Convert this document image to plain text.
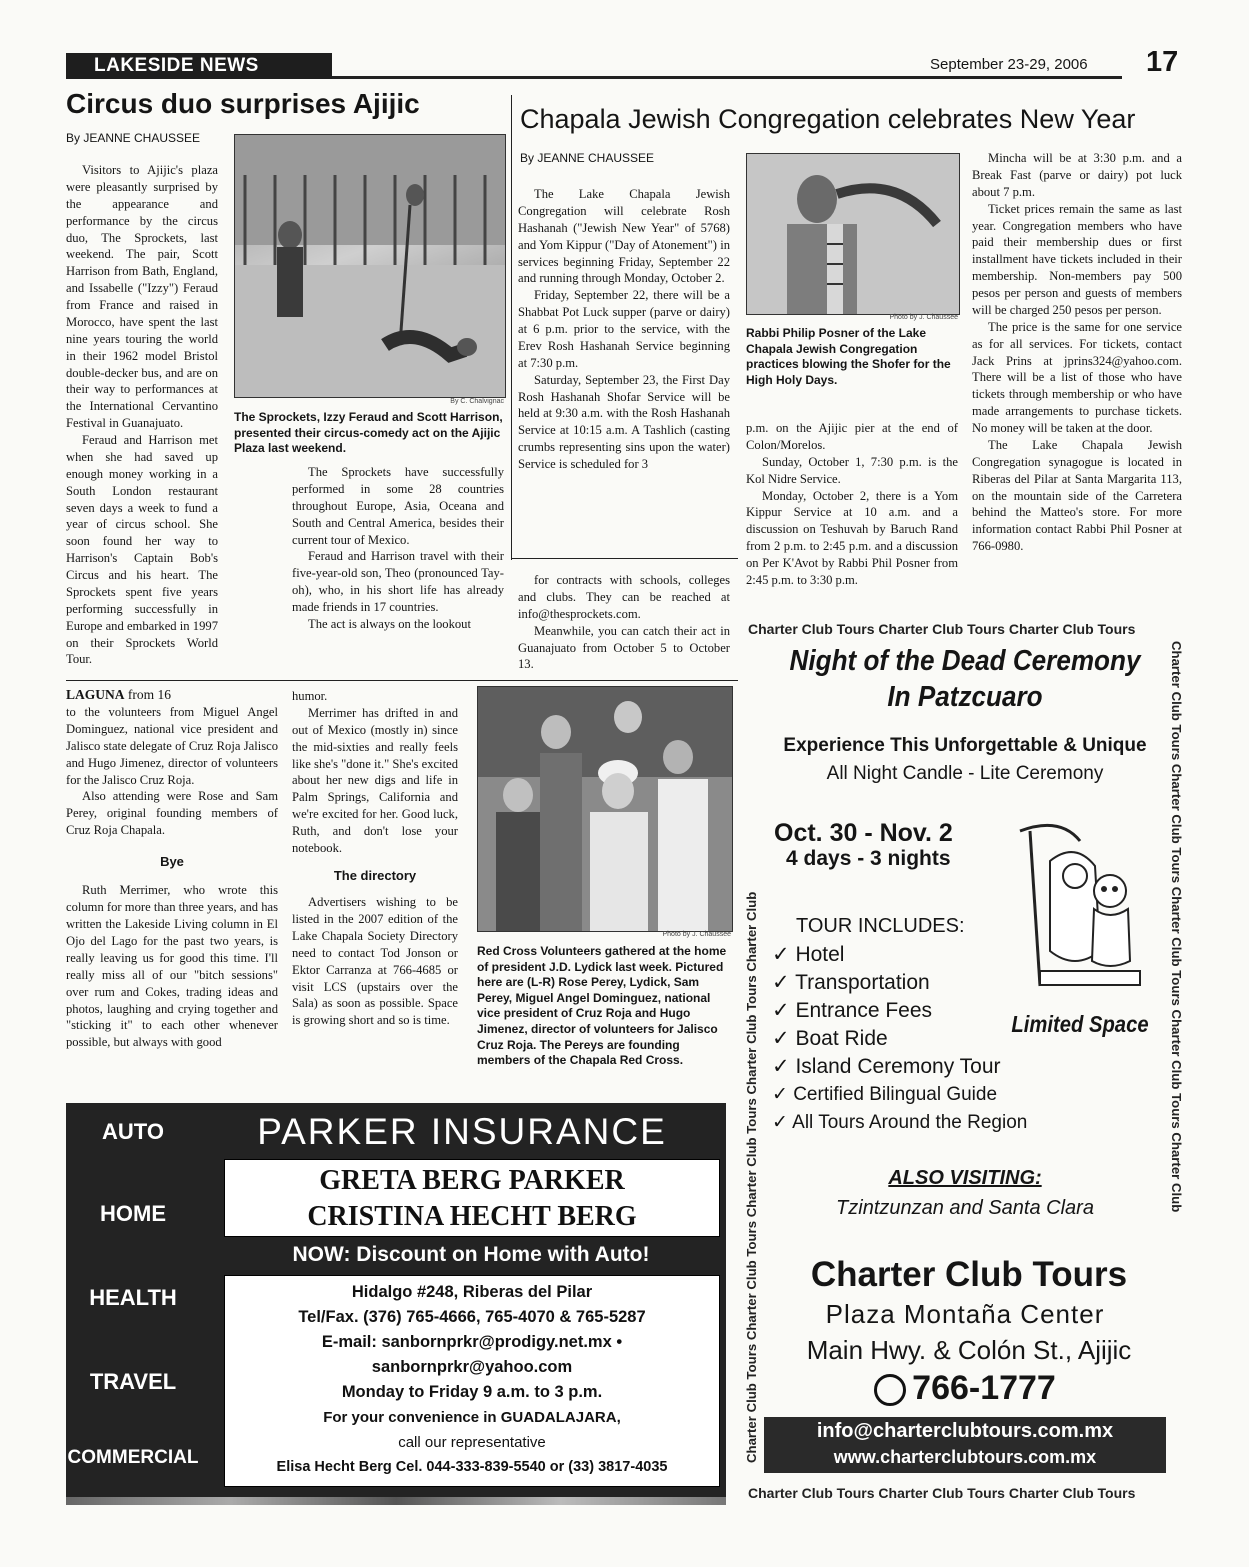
LAKESIDE NEWS	September 23-29, 2006 17
Circus duo surprises Ajijic
By JEANNE CHAUSSEE
By C. Chalvignac
The Sprockets, Izzy Feraud and Scott Harrison, presented their circus-comedy act on the Ajijic Plaza last weekend.

Visitors to Ajijic's plaza were pleasantly surprised by the appearance and performance by the circus duo, The Sprockets, last weekend. The pair, Scott Harrison from Bath, England, and Issabelle ("Izzy") Feraud from France and raised in Morocco, have spent the last nine years touring the world in their 1962 model Bristol double-decker bus, and are on their way to performances at the International Cervantino Festival in Guanajuato.

Feraud and Harrison met when she had saved up enough money working in a South London restaurant seven days a week to fund a year of circus school. She soon found her way to Harrison's Captain Bob's Circus and his heart. The Sprockets spent five years performing successfully in Europe and embarked in 1997 on their Sprockets World Tour.

The Sprockets have successfully performed in some 28 countries throughout Europe, Asia, Oceana and South and Central America, besides their current tour of Mexico.

Feraud and Harrison travel with their five-year-old son, Theo (pronounced Tay-oh), who, in his short life has already made friends in 17 countries.

The act is always on the lookout

for contracts with schools, colleges and clubs. They can be reached at info@thesprockets.com.

Meanwhile, you can catch their act in Guanajuato from October 5 to October 13.

Chapala Jewish Congregation celebrates New Year
By JEANNE CHAUSSEE

The Lake Chapala Jewish Congregation will celebrate Rosh Hashanah ("Jewish New Year" of 5768) and Yom Kippur ("Day of Atonement") in services beginning Friday, September 22 and running through Monday, October 2.

Friday, September 22, there will be a Shabbat Pot Luck supper (parve or dairy) at 6 p.m. prior to the service, with the Erev Rosh Hashanah Service beginning at 7:30 p.m.

Saturday, September 23, the First Day Rosh Hashanah Shofar Service will be held at 9:30 a.m. with the Rosh Hashanah Service at 10:15 a.m. A Tashlich (casting crumbs representing sins upon the water) Service is scheduled for 3

Photo by J. Chaussee
Rabbi Philip Posner of the Lake Chapala Jewish Congregation practices blowing the Shofer for the High Holy Days.

p.m. on the Ajijic pier at the end of Colon/Morelos.

Sunday, October 1, 7:30 p.m. is the Kol Nidre Service.

Monday, October 2, there is a Yom Kippur Service at 10 a.m. and a discussion on Teshuvah by Baruch Rand from 2 p.m. to 2:45 p.m. and a discussion on Per K'Avot by Rabbi Phil Posner from 2:45 p.m. to 3:30 p.m.

Mincha will be at 3:30 p.m. and a Break Fast (parve or dairy) pot luck about 7 p.m.

Ticket prices remain the same as last year. Congregation members who have paid their membership dues or first installment have tickets included in their membership. Non-members pay 500 pesos per person and guests of members will be charged 250 pesos per person.

The price is the same for one service as for all services. For tickets, contact Jack Prins at jprins324@yahoo.com. There will be a list of those who have tickets through membership or who have made arrangements to purchase tickets. No money will be taken at the door.

The Lake Chapala Jewish Congregation synagogue is located in Riberas del Pilar at Santa Margarita 113, on the mountain side of the Carretera behind the Matteo's store. For more information contact Rabbi Phil Posner at 766-0980.

LAGUNA from 16

to the volunteers from Miguel Angel Dominguez, national vice president and Jalisco state delegate of Cruz Roja Jalisco and Hugo Jimenez, director of volunteers for the Jalisco Cruz Roja.

Also attending were Rose and Sam Perey, original founding members of Cruz Roja Chapala.

Bye

Ruth Merrimer, who wrote this column for more than three years, and has written the Lakeside Living column in El Ojo del Lago for the past two years, is really leaving us for good this time. I'll really miss all of our "bitch sessions" over rum and Cokes, trading ideas and photos, laughing and crying together and "sticking it" to each other whenever possible, but always with good

humor.

Merrimer has drifted in and out of Mexico (mostly in) since the mid-sixties and really feels like she's "done it." She's excited about her new digs and life in Palm Springs, California and we're excited for her. Good luck, Ruth, and don't lose your notebook.

The directory

Advertisers wishing to be listed in the 2007 edition of the Lake Chapala Society Directory need to contact Tod Jonson or Ektor Carranza at 766-4685 or visit LCS (upstairs over the Sala) as soon as possible. Space is growing short and so is time.

Photo by J. Chaussee
Red Cross Volunteers gathered at the home of president J.D. Lydick last week. Pictured here are (L-R) Rose Perey, Lydick, Sam Perey, Miguel Angel Dominguez, national vice president of Cruz Roja and Hugo Jimenez, director of volunteers for Jalisco Cruz Roja. The Pereys are founding members of the Chapala Red Cross.
AUTO
HOME
HEALTH
TRAVEL
COMMERCIAL
PARKER INSURANCE
GRETA BERG PARKER
CRISTINA HECHT BERG
NOW: Discount on Home with Auto!
Hidalgo #248, Riberas del Pilar
Tel/Fax. (376) 765-4666, 765-4070 & 765-5287
E-mail: sanbornprkr@prodigy.net.mx •
sanbornprkr@yahoo.com
Monday to Friday 9 a.m. to 3 p.m.
For your convenience in GUADALAJARA,
call our representative
Elisa Hecht Berg Cel. 044-333-839-5540 or (33) 3817-4035
Charter Club Tours Charter Club Tours Charter Club Tours
Charter Club Tours Charter Club Tours Charter Club Tours
Charter Club Tours Charter Club Tours Charter Club Tours Charter Club Tours Charter Club	Charter Club Tours Charter Club Tours Charter Club Tours Charter Club Tours Charter Club
Night of the Dead Ceremony
In Patzcuaro
Experience This Unforgettable & Unique
All Night Candle - Lite Ceremony
Oct. 30 - Nov. 2
4 days - 3 nights
TOUR INCLUDES:
✓ Hotel
✓ Transportation
✓ Entrance Fees
✓ Boat Ride
✓ Island Ceremony Tour
✓ Certified Bilingual Guide
✓ All Tours Around the Region
Limited Space
ALSO VISITING:
Tzintzunzan and Santa Clara
Charter Club Tours
Plaza Montaña Center
Main Hwy. & Colón St., Ajijic
766-1777
info@charterclubtours.com.mx
www.charterclubtours.com.mx
